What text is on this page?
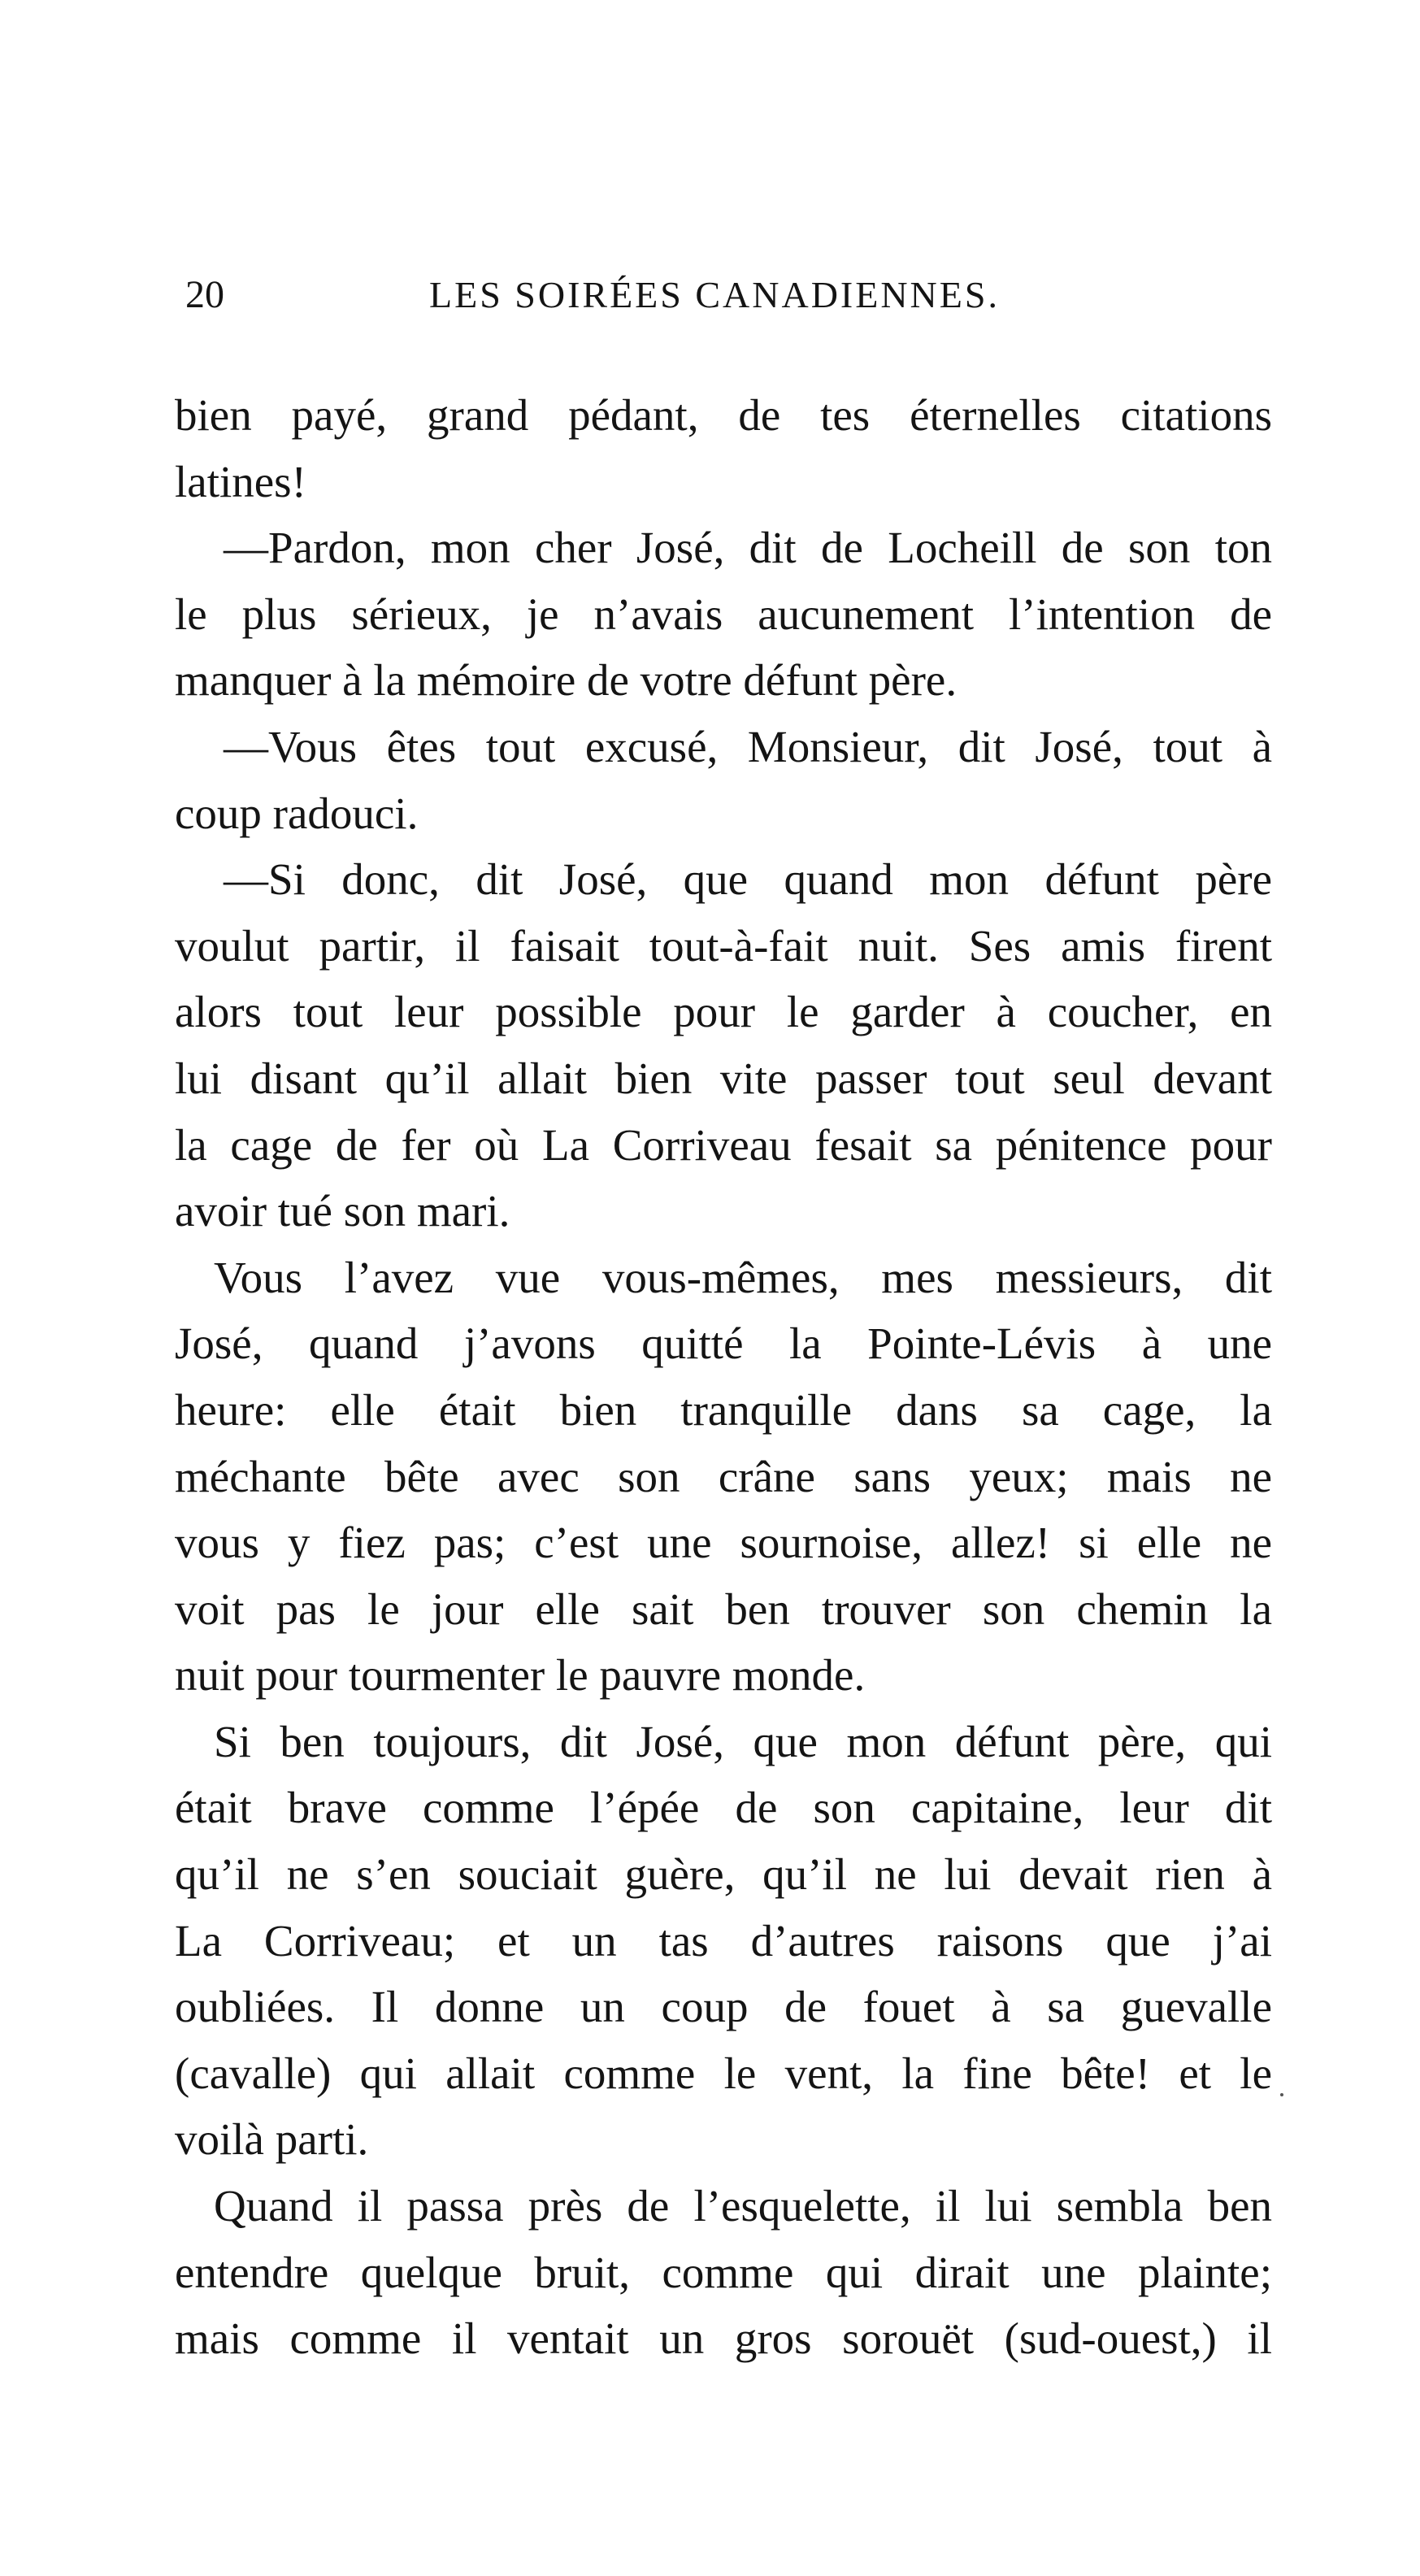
20	LES SOIRÉES CANADIENNES.

bien payé, grand pédant, de tes éternelles citations
latines!

—Pardon, mon cher José, dit de Locheill de son ton

le plus sérieux, je n’avais aucunement l’intention de
manquer à la mémoire de votre défunt père.

—Vous êtes tout excusé, Monsieur, dit José, tout à

coup radouci.

—Si donc, dit José, que quand mon défunt père

voulut partir, il faisait tout-à-fait nuit. Ses amis firent
alors tout leur possible pour le garder à coucher, en
lui disant qu’il allait bien vite passer tout seul devant
la cage de fer où La Corriveau fesait sa pénitence pour
avoir tué son mari.

Vous l’avez vue vous-mêmes, mes messieurs, dit

José, quand j’avons quitté la Pointe-Lévis à une
heure: elle était bien tranquille dans sa cage, la
méchante bête avec son crâne sans yeux; mais ne
vous y fiez pas; c’est une sournoise, allez! si elle ne
voit pas le jour elle sait ben trouver son chemin la
nuit pour tourmenter le pauvre monde.

Si ben toujours, dit José, que mon défunt père, qui

était brave comme l’épée de son capitaine, leur dit
qu’il ne s’en souciait guère, qu’il ne lui devait rien à
La Corriveau; et un tas d’autres raisons que j’ai
oubliées. Il donne un coup de fouet à sa guevalle
(cavalle) qui allait comme le vent, la fine bête! et le
voilà parti.

Quand il passa près de l’esquelette, il lui sembla ben

entendre quelque bruit, comme qui dirait une plainte;
mais comme il ventait un gros sorouët (sud-ouest,) il
